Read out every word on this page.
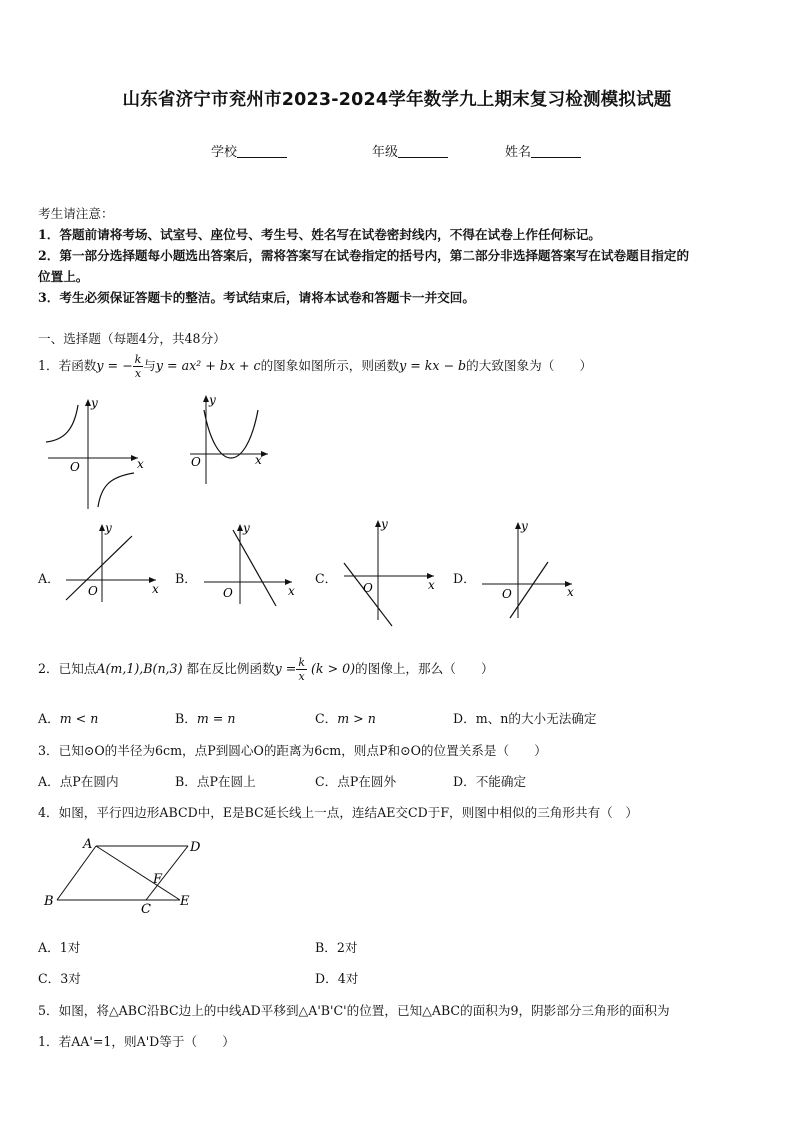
山东省济宁市兖州市2023-2024学年数学九上期末复习检测模拟试题
学校	年级	姓名
考生请注意：
1．答题前请将考场、试室号、座位号、考生号、姓名写在试卷密封线内，不得在试卷上作任何标记。
2．第一部分选择题每小题选出答案后，需将答案写在试卷指定的括号内，第二部分非选择题答案写在试卷题目指定的
位置上。
3．考生必须保证答题卡的整洁。考试结束后，请将本试卷和答题卡一并交回。
一、选择题（每题4分，共48分）
1．若函数y = − $\frac{k}{x}$ 与y = ax² + bx + c的图象如图所示，则函数y = kx − b的大致图象为（　　）
x
y
O	x
y
O
A．
x
y
O
B．
x
y
O
C．	x
y
O
D．
x
y
O
2．已知点A(m,1),B(n,3) 都在反比例函数$y = \frac{k}{x} (k > 0)$的图像上，那么（　　）
A．m < n	B．m = n	C．m > n	D．m、n的大小无法确定
3．已知⊙O的半径为6cm，点P到圆心O的距离为6cm，则点P和⊙O的位置关系是（　　）
A．点P在圆内	B．点P在圆上	C．点P在圆外	D．不能确定
4．如图，平行四边形ABCD中，E是BC延长线上一点，连结AE交CD于F，则图中相似的三角形共有（　）
A	D
B
C
E
F
A．1对	B．2对
C．3对	D．4对
5．如图，将△ABC沿BC边上的中线AD平移到△A'B'C'的位置，已知△ABC的面积为9，阴影部分三角形的面积为
1．若AA'=1，则A'D等于（　　）
